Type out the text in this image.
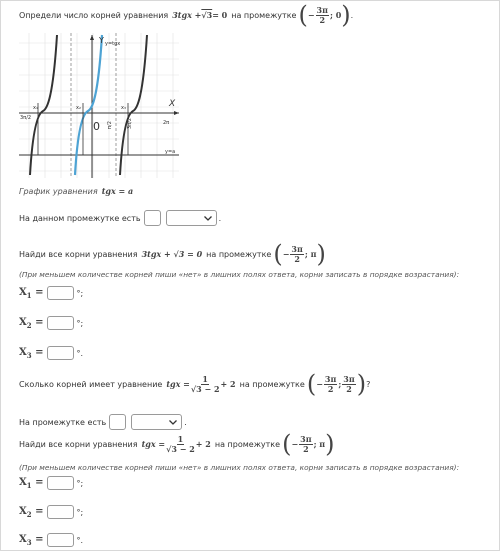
Определи число корней уравнения 3tgx + √3 = 0 на промежутке ( − $\frac{3\pi}{2}$ ; 0 ) .
Y y=tgx
X
0
x₁	x₂	x₃
3π/2
π/2	3π/2	2π
y=a
График уравнения tgx = a
На данном промежутке есть	.
Найди все корни уравнения 3tgx + √3 = 0 на промежутке ( − $\frac{3\pi}{2}$ ; π )
(При меньшем количестве корней пиши «нет» в лишних полях ответа, корни записать в порядке возрастания):
$X_1$ =	°;
$X_2$ =	°;
$X_3$ =	°.
Сколько корней имеет уравнение tgx = $\frac{1}{√3 - 2} + 2$ на промежутке ( − $\frac{3\pi}{2}$ ; $\frac{3\pi}{2}$ ) ?
На промежутке есть	.
Найди все корни уравнения tgx = $\frac{1}{√3 - 2} + 2$ на промежутке ( − $\frac{3\pi}{2}$ ; π )
(При меньшем количестве корней пиши «нет» в лишних полях ответа, корни записать в порядке возрастания):
$X_1$ =	°;
$X_2$ =	°;
$X_3$ =	°.
